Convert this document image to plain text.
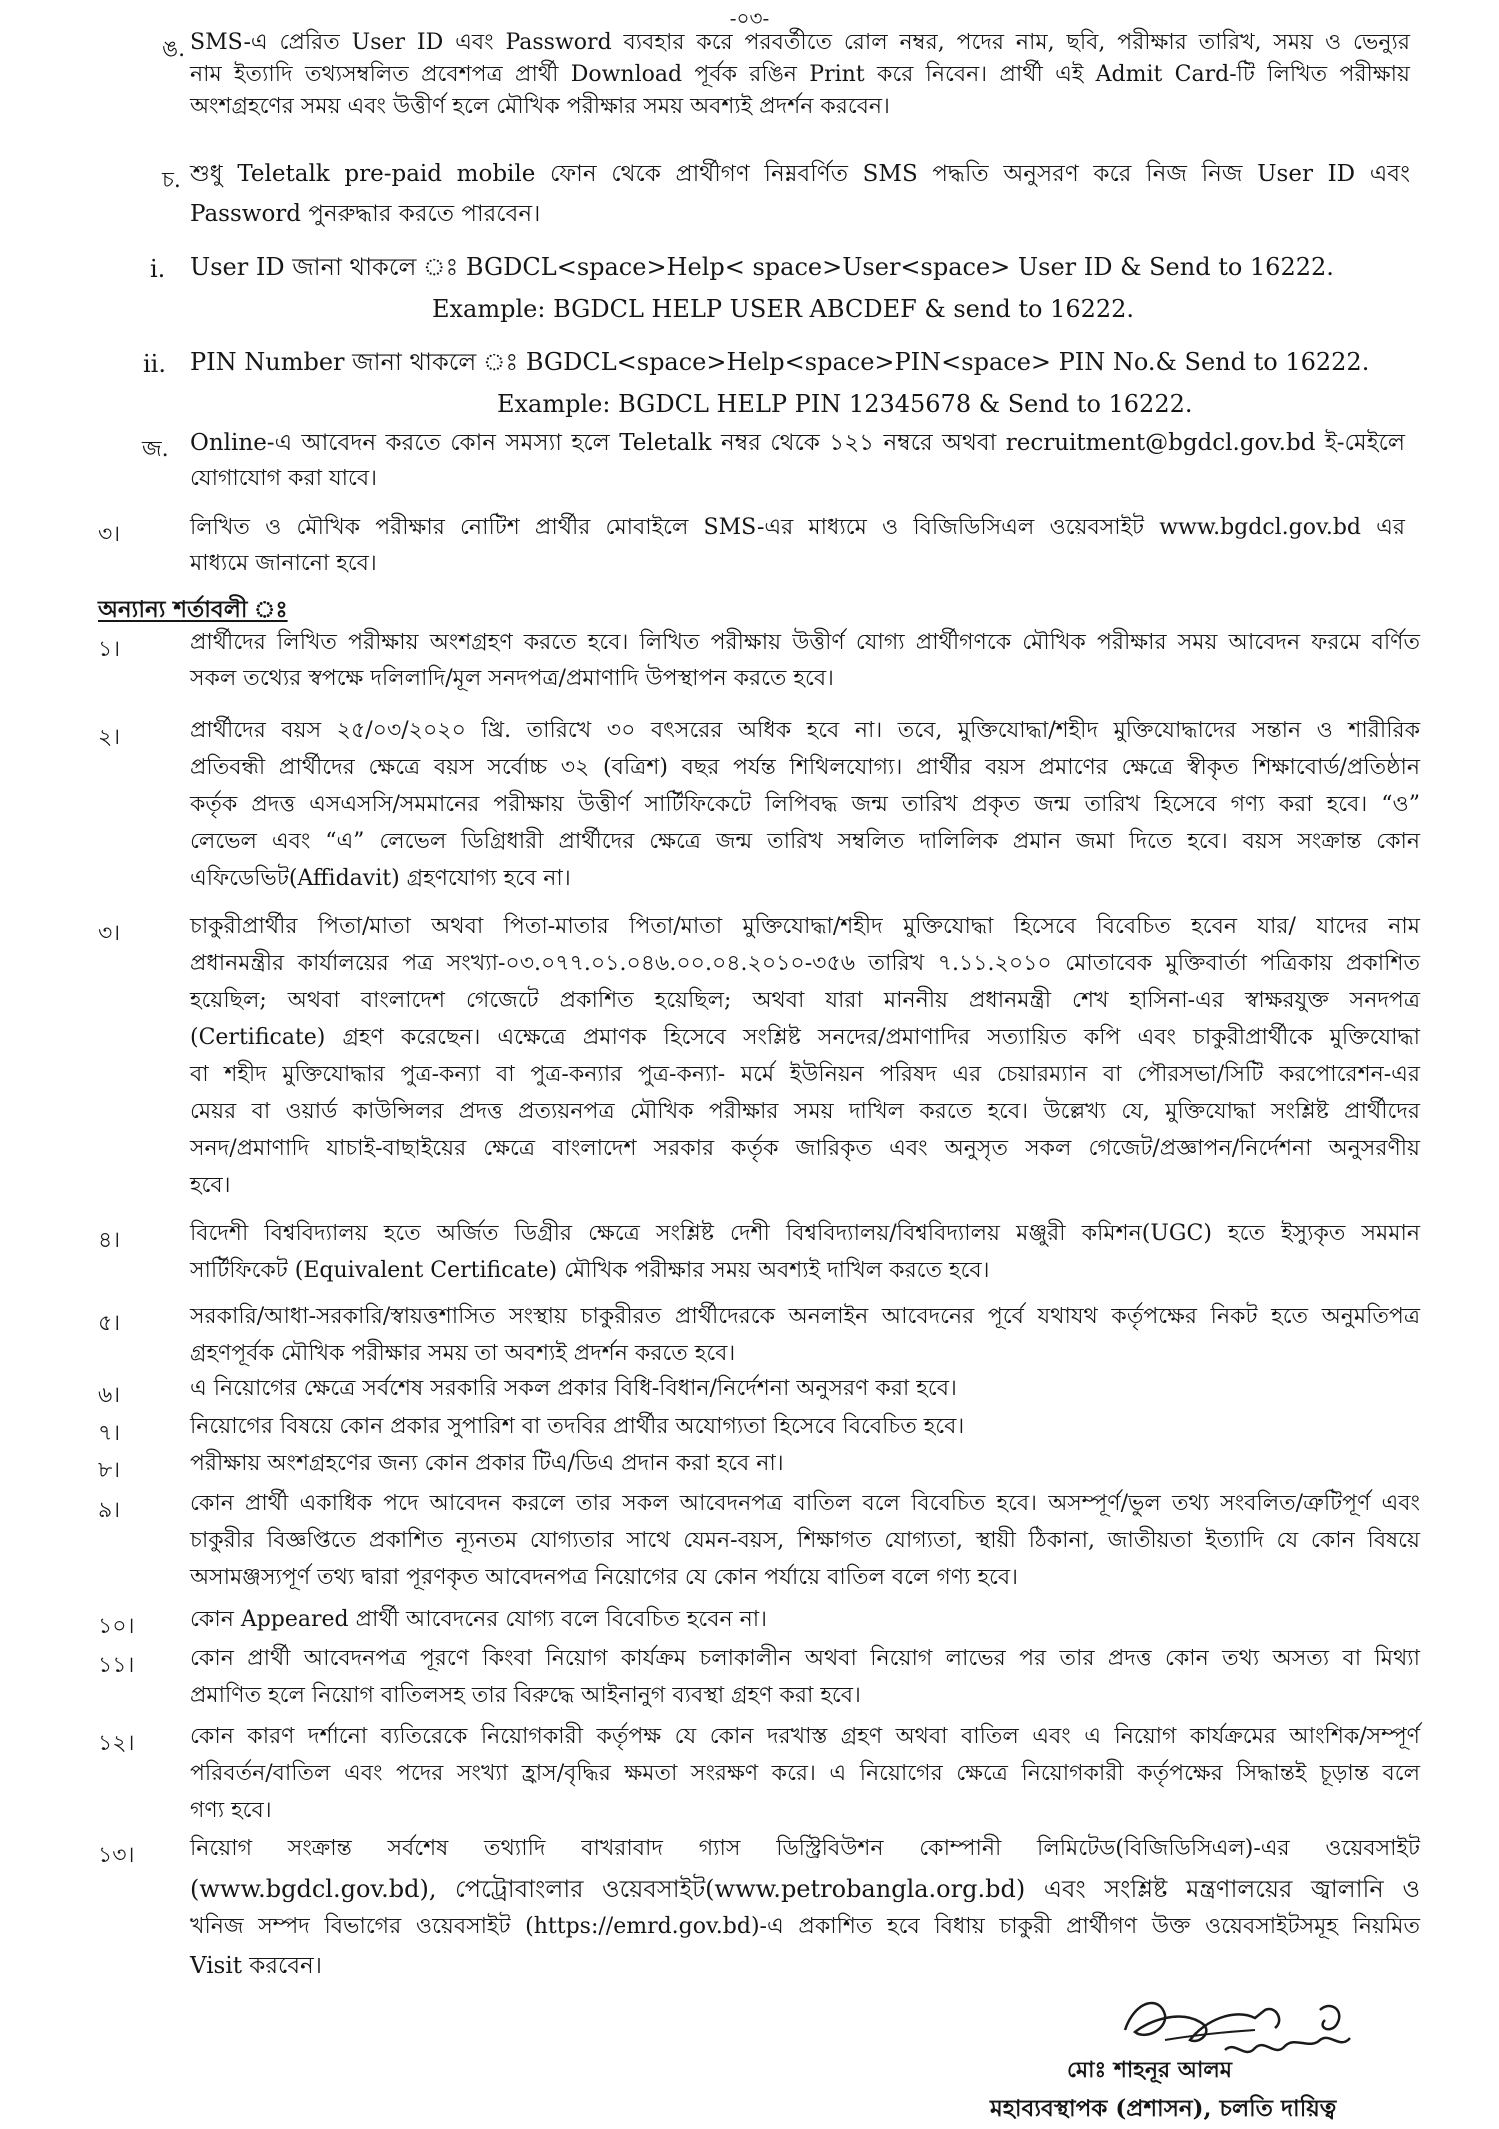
-০৩-
ঙ. SMS-এ প্রেরিত User ID এবং Password ব্যবহার করে পরবর্তীতে রোল নম্বর, পদের নাম, ছবি, পরীক্ষার তারিখ, সময় ও ভেন্যুর
নাম ইত্যাদি তথ্যসম্বলিত প্রবেশপত্র প্রার্থী Download পূর্বক রঙিন Print করে নিবেন। প্রার্থী এই Admit Card-টি লিখিত পরীক্ষায়
অংশগ্রহণের সময় এবং উত্তীর্ণ হলে মৌখিক পরীক্ষার সময় অবশ্যই প্রদর্শন করবেন।
চ. শুধু Teletalk pre-paid mobile ফোন থেকে প্রার্থীগণ নিম্নবর্ণিত SMS পদ্ধতি অনুসরণ করে নিজ নিজ User ID এবং
Password পুনরুদ্ধার করতে পারবেন।
i. User ID জানা থাকলে ঃ BGDCL<space>Help< space>User<space> User ID & Send to 16222.
Example: BGDCL HELP USER ABCDEF & send to 16222.
ii. PIN Number জানা থাকলে ঃ BGDCL<space>Help<space>PIN<space> PIN No.& Send to 16222.
Example: BGDCL HELP PIN 12345678 & Send to 16222.
জ. Online-এ আবেদন করতে কোন সমস্যা হলে Teletalk নম্বর থেকে ১২১ নম্বরে অথবা recruitment@bgdcl.gov.bd ই-মেইলে
যোগাযোগ করা যাবে।
৩।	লিখিত ও মৌখিক পরীক্ষার নোটিশ প্রার্থীর মোবাইলে SMS-এর মাধ্যমে ও বিজিডিসিএল ওয়েবসাইট www.bgdcl.gov.bd এর
মাধ্যমে জানানো হবে।
অন্যান্য শর্তাবলী ঃ
১।	প্রার্থীদের লিখিত পরীক্ষায় অংশগ্রহণ করতে হবে। লিখিত পরীক্ষায় উত্তীর্ণ যোগ্য প্রার্থীগণকে মৌখিক পরীক্ষার সময় আবেদন ফরমে বর্ণিত
সকল তথ্যের স্বপক্ষে দলিলাদি/মূল সনদপত্র/প্রমাণাদি উপস্থাপন করতে হবে।
২।	প্রার্থীদের বয়স ২৫/০৩/২০২০ খ্রি. তারিখে ৩০ বৎসরের অধিক হবে না। তবে, মুক্তিযোদ্ধা/শহীদ মুক্তিযোদ্ধাদের সন্তান ও শারীরিক
প্রতিবন্ধী প্রার্থীদের ক্ষেত্রে বয়স সর্বোচ্চ ৩২ (বত্রিশ) বছর পর্যন্ত শিথিলযোগ্য। প্রার্থীর বয়স প্রমাণের ক্ষেত্রে স্বীকৃত শিক্ষাবোর্ড/প্রতিষ্ঠান
কর্তৃক প্রদত্ত এসএসসি/সমমানের পরীক্ষায় উত্তীর্ণ সার্টিফিকেটে লিপিবদ্ধ জন্ম তারিখ প্রকৃত জন্ম তারিখ হিসেবে গণ্য করা হবে। “ও”
লেভেল এবং “এ” লেভেল ডিগ্রিধারী প্রার্থীদের ক্ষেত্রে জন্ম তারিখ সম্বলিত দালিলিক প্রমান জমা দিতে হবে। বয়স সংক্রান্ত কোন
এফিডেভিট(Affidavit) গ্রহণযোগ্য হবে না।
৩।	চাকুরীপ্রার্থীর পিতা/মাতা অথবা পিতা-মাতার পিতা/মাতা মুক্তিযোদ্ধা/শহীদ মুক্তিযোদ্ধা হিসেবে বিবেচিত হবেন যার/ যাদের নাম
প্রধানমন্ত্রীর কার্যালয়ের পত্র সংখ্যা-০৩.০৭৭.০১.০৪৬.০০.০৪.২০১০-৩৫৬ তারিখ ৭.১১.২০১০ মোতাবেক মুক্তিবার্তা পত্রিকায় প্রকাশিত
হয়েছিল; অথবা বাংলাদেশ গেজেটে প্রকাশিত হয়েছিল; অথবা যারা মাননীয় প্রধানমন্ত্রী শেখ হাসিনা-এর স্বাক্ষরযুক্ত সনদপত্র
(Certificate) গ্রহণ করেছেন। এক্ষেত্রে প্রমাণক হিসেবে সংশ্লিষ্ট সনদের/প্রমাণাদির সত্যায়িত কপি এবং চাকুরীপ্রার্থীকে মুক্তিযোদ্ধা
বা শহীদ মুক্তিযোদ্ধার পুত্র-কন্যা বা পুত্র-কন্যার পুত্র-কন্যা- মর্মে ইউনিয়ন পরিষদ এর চেয়ারম্যান বা পৌরসভা/সিটি করপোরেশন-এর
মেয়র বা ওয়ার্ড কাউন্সিলর প্রদত্ত প্রত্যয়নপত্র মৌখিক পরীক্ষার সময় দাখিল করতে হবে। উল্লেখ্য যে, মুক্তিযোদ্ধা সংশ্লিষ্ট প্রার্থীদের
সনদ/প্রমাণাদি যাচাই-বাছাইয়ের ক্ষেত্রে বাংলাদেশ সরকার কর্তৃক জারিকৃত এবং অনুসৃত সকল গেজেট/প্রজ্ঞাপন/নির্দেশনা অনুসরণীয়
হবে।
৪।	বিদেশী বিশ্ববিদ্যালয় হতে অর্জিত ডিগ্রীর ক্ষেত্রে সংশ্লিষ্ট দেশী বিশ্ববিদ্যালয়/বিশ্ববিদ্যালয় মঞ্জুরী কমিশন(UGC) হতে ইস্যুকৃত সমমান
সার্টিফিকেট (Equivalent Certificate) মৌখিক পরীক্ষার সময় অবশ্যই দাখিল করতে হবে।
৫।	সরকারি/আধা-সরকারি/স্বায়ত্তশাসিত সংস্থায় চাকুরীরত প্রার্থীদেরকে অনলাইন আবেদনের পূর্বে যথাযথ কর্তৃপক্ষের নিকট হতে অনুমতিপত্র
গ্রহণপূর্বক মৌখিক পরীক্ষার সময় তা অবশ্যই প্রদর্শন করতে হবে।
৬।	এ নিয়োগের ক্ষেত্রে সর্বশেষ সরকারি সকল প্রকার বিধি-বিধান/নির্দেশনা অনুসরণ করা হবে।
৭।	নিয়োগের বিষয়ে কোন প্রকার সুপারিশ বা তদবির প্রার্থীর অযোগ্যতা হিসেবে বিবেচিত হবে।
৮।	পরীক্ষায় অংশগ্রহণের জন্য কোন প্রকার টিএ/ডিএ প্রদান করা হবে না।
৯।	কোন প্রার্থী একাধিক পদে আবেদন করলে তার সকল আবেদনপত্র বাতিল বলে বিবেচিত হবে। অসম্পূর্ণ/ভুল তথ্য সংবলিত/ত্রুটিপূর্ণ এবং
চাকুরীর বিজ্ঞপ্তিতে প্রকাশিত ন্যূনতম যোগ্যতার সাথে যেমন-বয়স, শিক্ষাগত যোগ্যতা, স্থায়ী ঠিকানা, জাতীয়তা ইত্যাদি যে কোন বিষয়ে
অসামঞ্জস্যপূর্ণ তথ্য দ্বারা পূরণকৃত আবেদনপত্র নিয়োগের যে কোন পর্যায়ে বাতিল বলে গণ্য হবে।
১০।	কোন Appeared প্রার্থী আবেদনের যোগ্য বলে বিবেচিত হবেন না।
১১।	কোন প্রার্থী আবেদনপত্র পূরণে কিংবা নিয়োগ কার্যক্রম চলাকালীন অথবা নিয়োগ লাভের পর তার প্রদত্ত কোন তথ্য অসত্য বা মিথ্যা
প্রমাণিত হলে নিয়োগ বাতিলসহ তার বিরুদ্ধে আইনানুগ ব্যবস্থা গ্রহণ করা হবে।
১২।	কোন কারণ দর্শানো ব্যতিরেকে নিয়োগকারী কর্তৃপক্ষ যে কোন দরখাস্ত গ্রহণ অথবা বাতিল এবং এ নিয়োগ কার্যক্রমের আংশিক/সম্পূর্ণ
পরিবর্তন/বাতিল এবং পদের সংখ্যা হ্রাস/বৃদ্ধির ক্ষমতা সংরক্ষণ করে। এ নিয়োগের ক্ষেত্রে নিয়োগকারী কর্তৃপক্ষের সিদ্ধান্তই চূড়ান্ত বলে
গণ্য হবে।
১৩।	নিয়োগ সংক্রান্ত সর্বশেষ তথ্যাদি বাখরাবাদ গ্যাস ডিস্ট্রিবিউশন কোম্পানী লিমিটেড(বিজিডিসিএল)-এর ওয়েবসাইট
(www.bgdcl.gov.bd), পেট্রোবাংলার ওয়েবসাইট(www.petrobangla.org.bd) এবং সংশ্লিষ্ট মন্ত্রণালয়ের জ্বালানি ও
খনিজ সম্পদ বিভাগের ওয়েবসাইট (https://emrd.gov.bd)-এ প্রকাশিত হবে বিধায় চাকুরী প্রার্থীগণ উক্ত ওয়েবসাইটসমূহ নিয়মিত
Visit করবেন।
মোঃ শাহনূর আলম
মহাব্যবস্থাপক (প্রশাসন), চলতি দায়িত্ব
